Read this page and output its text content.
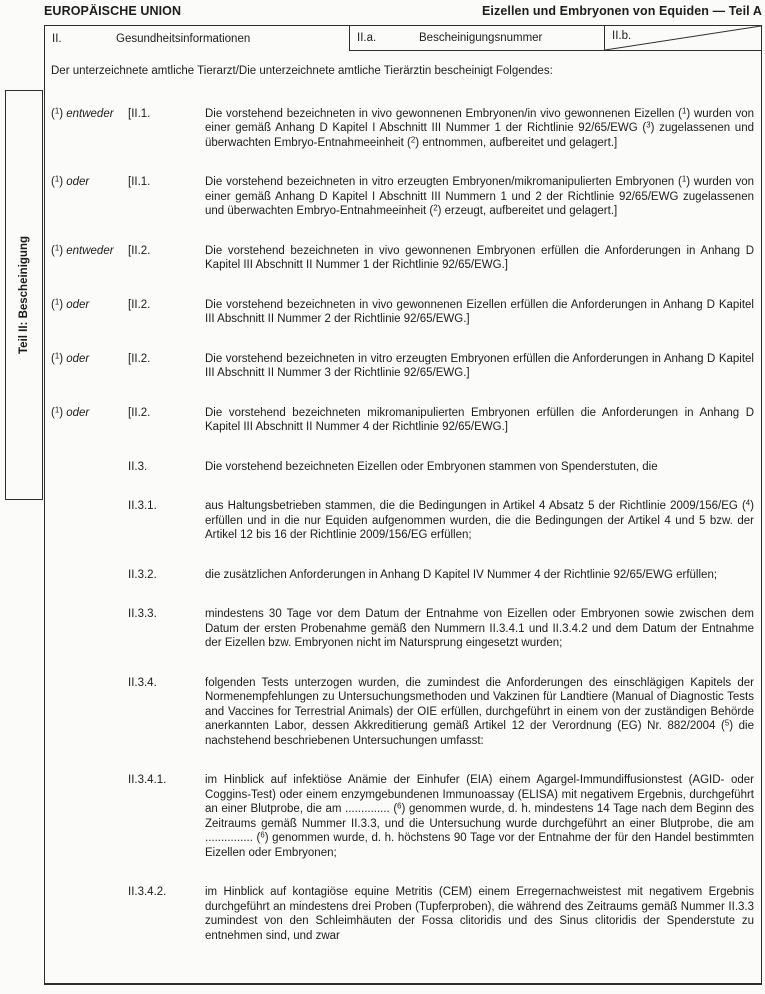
EUROPÄISCHE UNION	Eizellen und Embryonen von Equiden — Teil A
II.	Gesundheitsinformationen	II.a.	Bescheinigungsnummer	II.b.

Der unterzeichnete amtliche Tierarzt/Die unterzeichnete amtliche Tierärztin bescheinigt Folgendes:

($^1$) entweder	[II.1.	Die vorstehend bezeichneten in vivo gewonnenen Embryonen/in vivo gewonnenen Eizellen ($^1$) wurden von einer gemäß Anhang D Kapitel I Abschnitt III Nummer 1 der Richtlinie 92/65/EWG ($^3$) zugelassenen und überwachten Embryo-Entnahmeeinheit ($^2$) entnommen, aufbereitet und gelagert.]
($^1$) oder	[II.1.	Die vorstehend bezeichneten in vitro erzeugten Embryonen/mikromanipulierten Embryonen ($^1$) wurden von einer gemäß Anhang D Kapitel I Abschnitt III Nummern 1 und 2 der Richtlinie 92/65/EWG zugelassenen und überwachten Embryo-Entnahmeeinheit ($^2$) erzeugt, aufbereitet und gelagert.]
($^1$) entweder	[II.2.	Die vorstehend bezeichneten in vivo gewonnenen Embryonen erfüllen die Anforderungen in Anhang D Kapitel III Abschnitt II Nummer 1 der Richtlinie 92/65/EWG.]
($^1$) oder	[II.2.	Die vorstehend bezeichneten in vivo gewonnenen Eizellen erfüllen die Anforderungen in Anhang D Kapitel III Abschnitt II Nummer 2 der Richtlinie 92/65/EWG.]
($^1$) oder	[II.2.	Die vorstehend bezeichneten in vitro erzeugten Embryonen erfüllen die Anforderungen in Anhang D Kapitel III Abschnitt II Nummer 3 der Richtlinie 92/65/EWG.]
($^1$) oder	[II.2.	Die vorstehend bezeichneten mikromanipulierten Embryonen erfüllen die Anforderungen in Anhang D Kapitel III Abschnitt II Nummer 4 der Richtlinie 92/65/EWG.]
II.3.	Die vorstehend bezeichneten Eizellen oder Embryonen stammen von Spenderstuten, die
II.3.1.	aus Haltungsbetrieben stammen, die die Bedingungen in Artikel 4 Absatz 5 der Richtlinie 2009/156/EG ($^4$) erfüllen und in die nur Equiden aufgenommen wurden, die die Bedingungen der Artikel 4 und 5 bzw. der Artikel 12 bis 16 der Richtlinie 2009/156/EG erfüllen;
II.3.2.	die zusätzlichen Anforderungen in Anhang D Kapitel IV Nummer 4 der Richtlinie 92/65/EWG erfüllen;
II.3.3.	mindestens 30 Tage vor dem Datum der Entnahme von Eizellen oder Embryonen sowie zwischen dem Datum der ersten Probenahme gemäß den Nummern II.3.4.1 und II.3.4.2 und dem Datum der Entnahme der Eizellen bzw. Embryonen nicht im Natursprung eingesetzt wurden;
II.3.4.	folgenden Tests unterzogen wurden, die zumindest die Anforderungen des einschlägigen Kapitels der Normenempfehlungen zu Untersuchungsmethoden und Vakzinen für Landtiere (Manual of Diagnostic Tests and Vaccines for Terrestrial Animals) der OIE erfüllen, durchgeführt in einem von der zuständigen Behörde anerkannten Labor, dessen Akkreditierung gemäß Artikel 12 der Verordnung (EG) Nr. 882/2004 ($^5$) die nachstehend beschriebenen Untersuchungen umfasst:
II.3.4.1.	im Hinblick auf infektiöse Anämie der Einhufer (EIA) einem Agargel-Immundiffusionstest (AGID- oder Coggins-Test) oder einem enzymgebundenen Immunoassay (ELISA) mit negativem Ergebnis, durchgeführt an einer Blutprobe, die am .............. ($^6$) genommen wurde, d. h. mindestens 14 Tage nach dem Beginn des Zeitraums gemäß Nummer II.3.3, und die Untersuchung wurde durchgeführt an einer Blutprobe, die am ............... ($^6$) genommen wurde, d. h. höchstens 90 Tage vor der Entnahme der für den Handel bestimmten Eizellen oder Embryonen;
II.3.4.2.	im Hinblick auf kontagiöse equine Metritis (CEM) einem Erregernachweistest mit negativem Ergebnis durchgeführt an mindestens drei Proben (Tupferproben), die während des Zeitraums gemäß Nummer II.3.3 zumindest von den Schleimhäuten der Fossa clitoridis und des Sinus clitoridis der Spenderstute zu entnehmen sind, und zwar
Teil II: Bescheinigung
